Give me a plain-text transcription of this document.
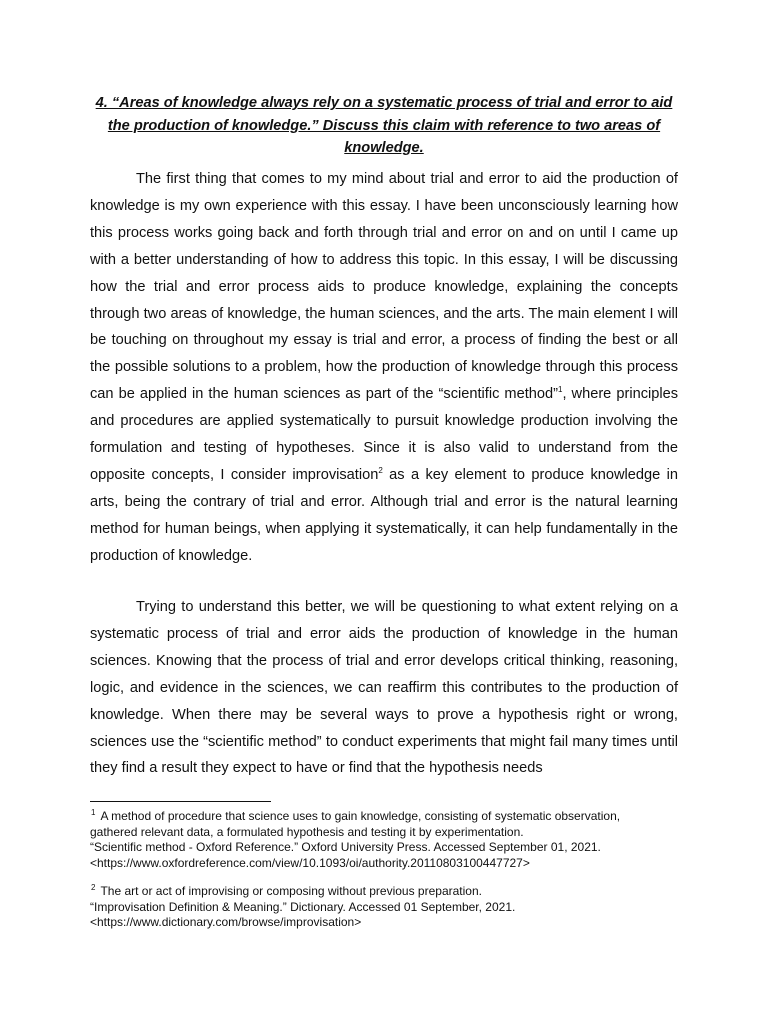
4. “Areas of knowledge always rely on a systematic process of trial and error to aid the production of knowledge.” Discuss this claim with reference to two areas of knowledge.

The first thing that comes to my mind about trial and error to aid the production of knowledge is my own experience with this essay. I have been unconsciously learning how this process works going back and forth through trial and error on and on until I came up with a better understanding of how to address this topic. In this essay, I will be discussing how the trial and error process aids to produce knowledge, explaining the concepts through two areas of knowledge, the human sciences, and the arts. The main element I will be touching on throughout my essay is trial and error, a process of finding the best or all the possible solutions to a problem, how the production of knowledge through this process can be applied in the human sciences as part of the “scientific method”$^1$, where principles and procedures are applied systematically to pursuit knowledge production involving the formulation and testing of hypotheses. Since it is also valid to understand from the opposite concepts, I consider improvisation$^2$ as a key element to produce knowledge in arts, being the contrary of trial and error. Although trial and error is the natural learning method for human beings, when applying it systematically, it can help fundamentally in the production of knowledge.

Trying to understand this better, we will be questioning to what extent relying on a systematic process of trial and error aids the production of knowledge in the human sciences. Knowing that the process of trial and error develops critical thinking, reasoning, logic, and evidence in the sciences, we can reaffirm this contributes to the production of knowledge. When there may be several ways to prove a hypothesis right or wrong, sciences use the “scientific method” to conduct experiments that might fail many times until they find a result they expect to have or find that the hypothesis needs

$^1$ A method of procedure that science uses to gain knowledge, consisting of systematic observation,
gathered relevant data, a formulated hypothesis and testing it by experimentation.
“Scientific method - Oxford Reference.” Oxford University Press. Accessed September 01, 2021.
<https://www.oxfordreference.com/view/10.1093/oi/authority.20110803100447727>
$^2$ The art or act of improvising or composing without previous preparation.
“Improvisation Definition & Meaning.” Dictionary. Accessed 01 September, 2021.
<https://www.dictionary.com/browse/improvisation>
